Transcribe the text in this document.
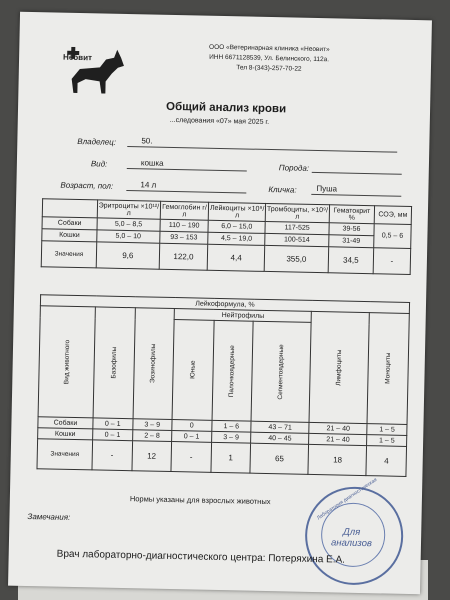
Неовит
ООО «Ветеринарная клиника «Неовит»
ИНН 6671128539, Ул. Белинского, 112а.
Тел 8-(343)-257-70-22
Общий анализ крови
...следования «07» мая 2025 г.
Владелец:	50.
Вид:	кошка
Порода:
Возраст, пол:	14 л
Кличка: Пуша
	Эритроциты ×10¹²/л	Гемоглобин г/л	Лейкоциты ×10⁹/л	Тромбоциты, ×10⁹/л	Гематокрит %	СОЭ, мм
Собаки	5,0 – 8,5	110 – 190	6,0 – 15,0	117-525	39-56	0,5 – 6
Кошки	5,0 – 10	93 – 153	4,5 – 19,0	100-514	31-49	
Значения	9,6	122,0	4,4	355,0	34,5	-
Лейкоформула, %							

Вид животного	Базофилы	Эозинофилы	Нейтрофилы			Лимфоциты	Моноциты

			Юные	Палочкоядерные	Сегментоядерные		

Собаки	0 – 1	3 – 9	0	1 – 6	43 – 71	21 – 40	1 – 5
Кошки	0 – 1	2 – 8	0 – 1	3 – 9	40 – 45	21 – 40	1 – 5
Значения	-	12	-	1	65	18	4
Нормы указаны для взрослых животных
Замечания:	Лаборатория диагностическая
Для
анализов
Врач лабораторно-диагностического центра: Потеряхина Е.А.
